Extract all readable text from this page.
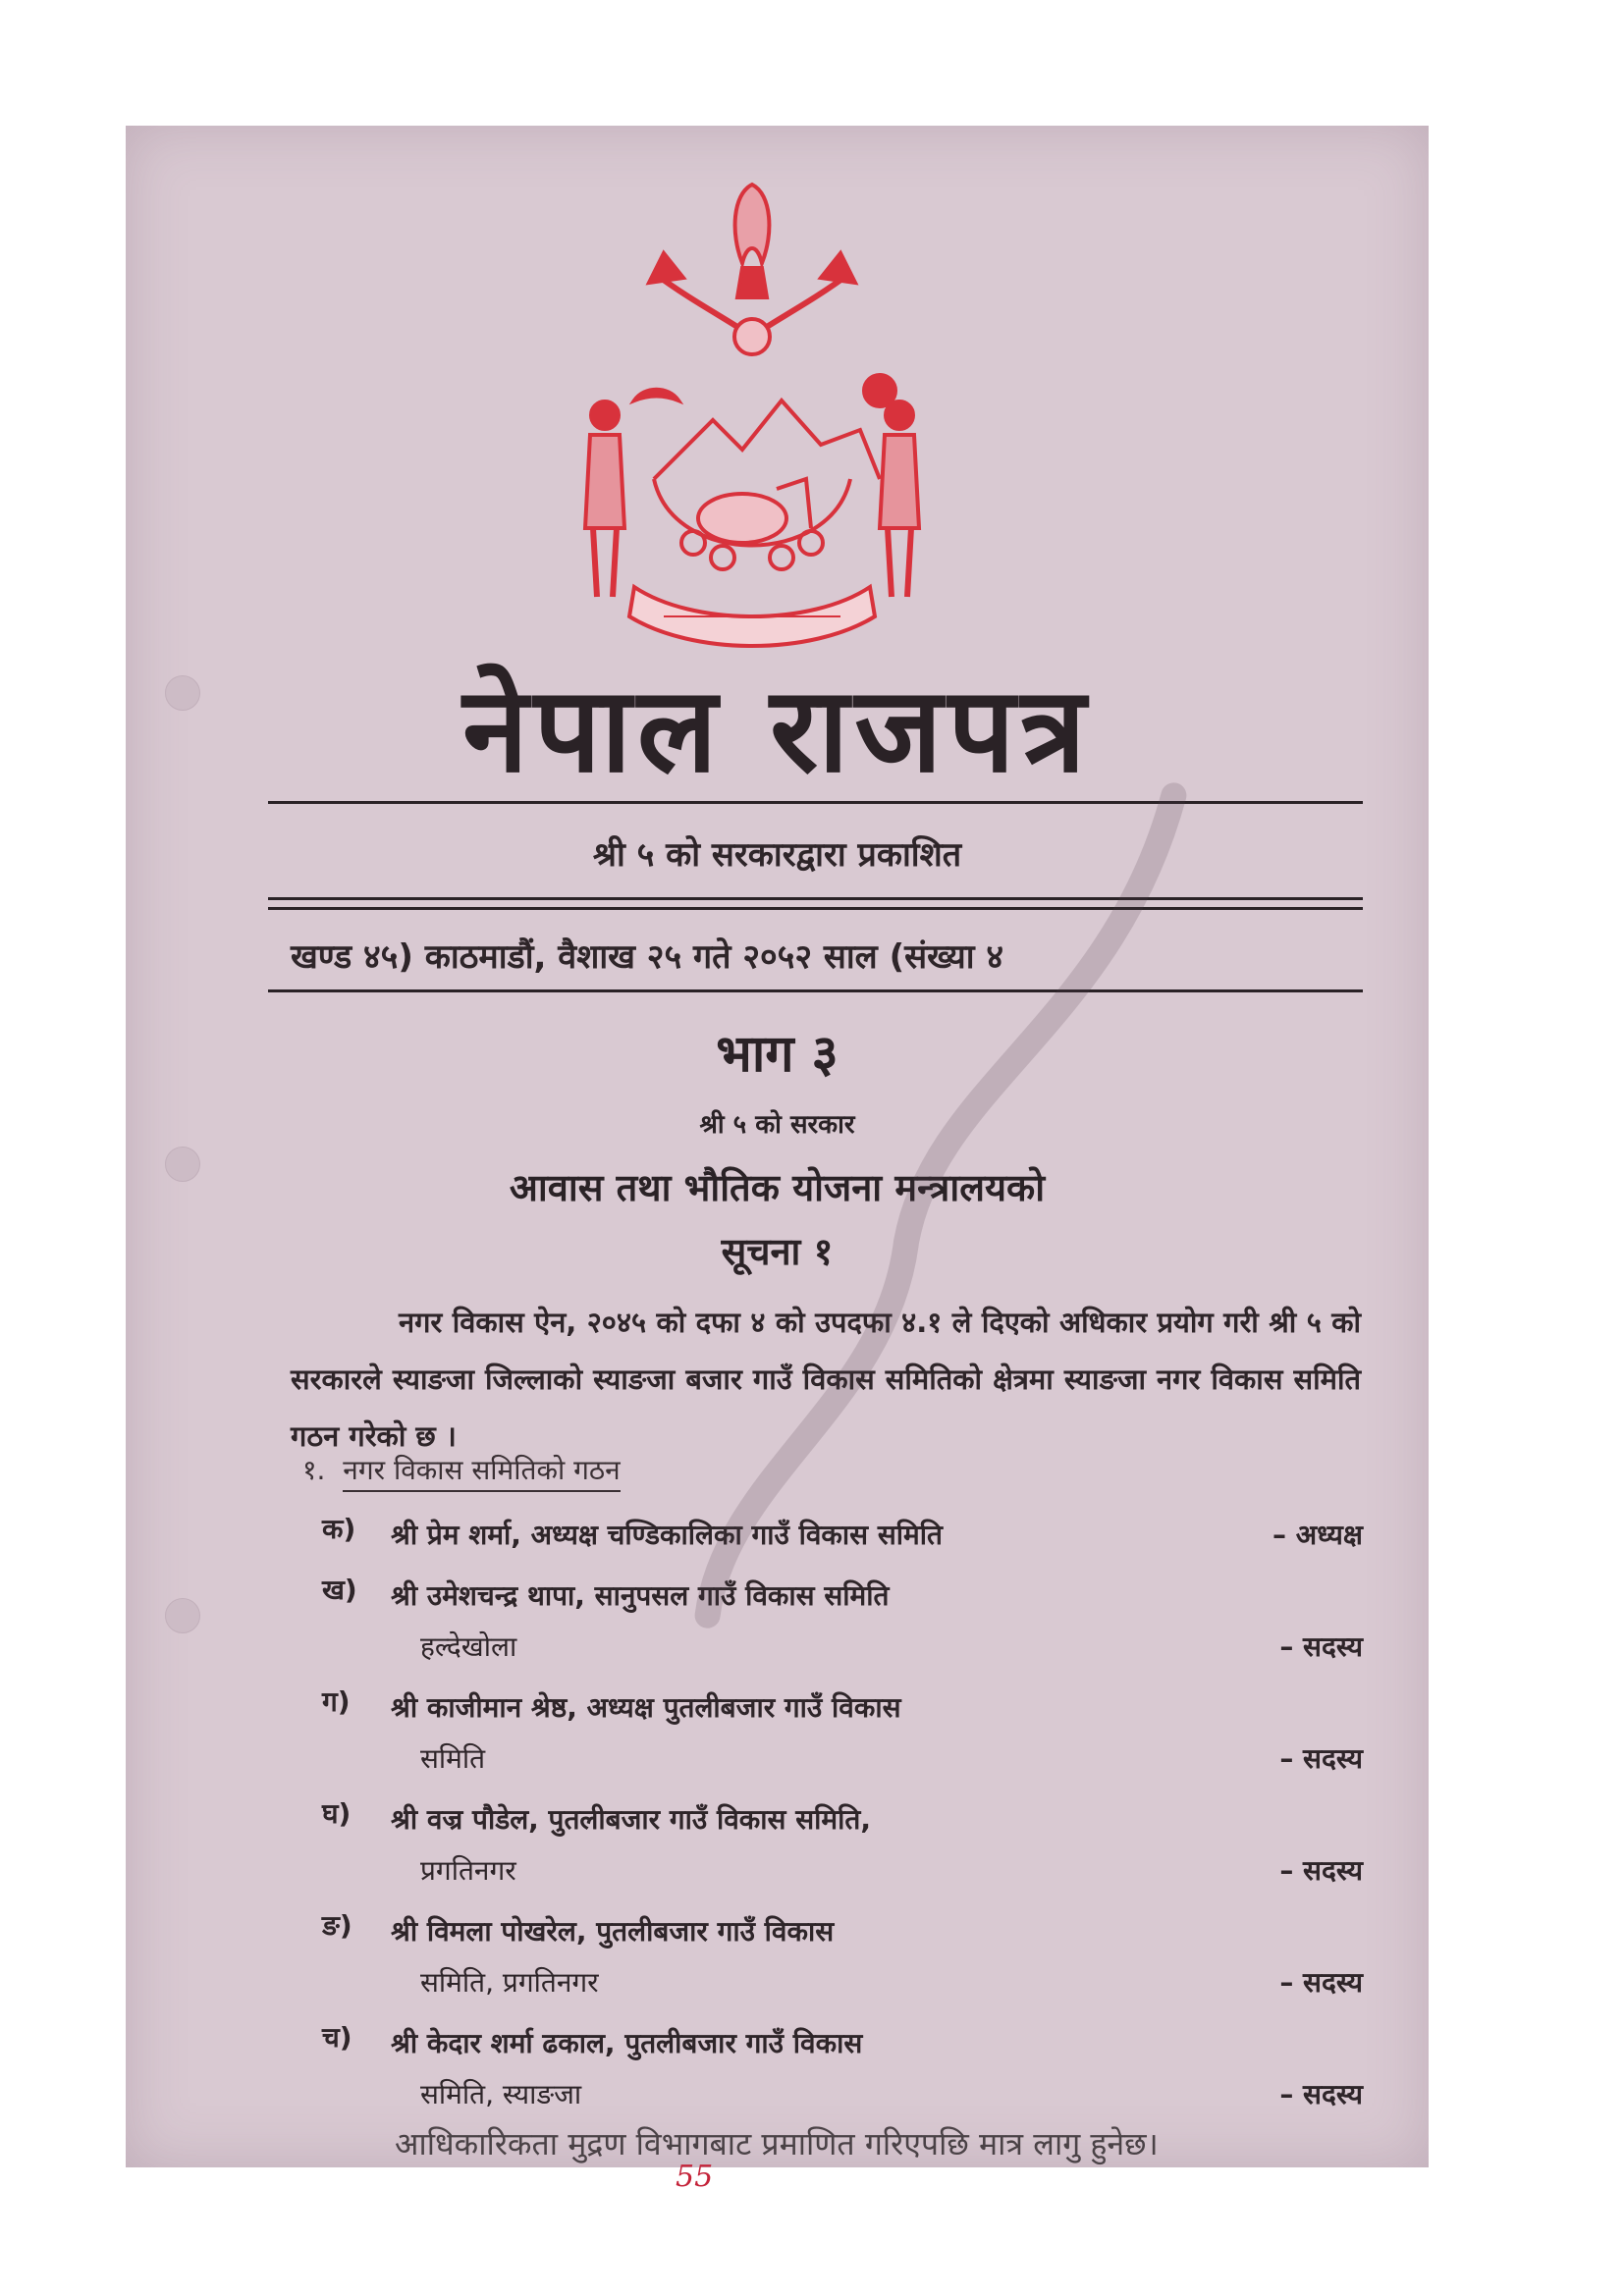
नेपाल राजपत्र
श्री ५ को सरकारद्वारा प्रकाशित
खण्ड ४५) काठमाडौं, वैशाख २५ गते २०५२ साल (संख्या ४
भाग ३
श्री ५ को सरकार
आवास तथा भौतिक योजना मन्त्रालयको
सूचना १
नगर विकास ऐन, २०४५ को दफा ४ को उपदफा ४.१ ले दिएको अधिकार प्रयोग गरी श्री ५ को सरकारले स्याङजा जिल्लाको स्याङजा बजार गाउँ विकास समितिको क्षेत्रमा स्याङजा नगर विकास समिति गठन गरेको छ ।
१. नगर विकास समितिको गठन
क)	श्री प्रेम शर्मा, अध्यक्ष चण्डिकालिका गाउँ विकास समिति	– अध्यक्ष
ख)	श्री उमेशचन्द्र थापा, सानुपसल गाउँ विकास समिति
हल्देखोला	– सदस्य
ग)	श्री काजीमान श्रेष्ठ, अध्यक्ष पुतलीबजार गाउँ विकास
समिति	– सदस्य
घ)	श्री वज्र पौडेल, पुतलीबजार गाउँ विकास समिति,
प्रगतिनगर	– सदस्य
ङ)	श्री विमला पोखरेल, पुतलीबजार गाउँ विकास
समिति, प्रगतिनगर	– सदस्य
च)	श्री केदार शर्मा ढकाल, पुतलीबजार गाउँ विकास
समिति, स्याङजा	– सदस्य
आधिकारिकता मुद्रण विभागबाट प्रमाणित गरिएपछि मात्र लागु हुनेछ।
55
